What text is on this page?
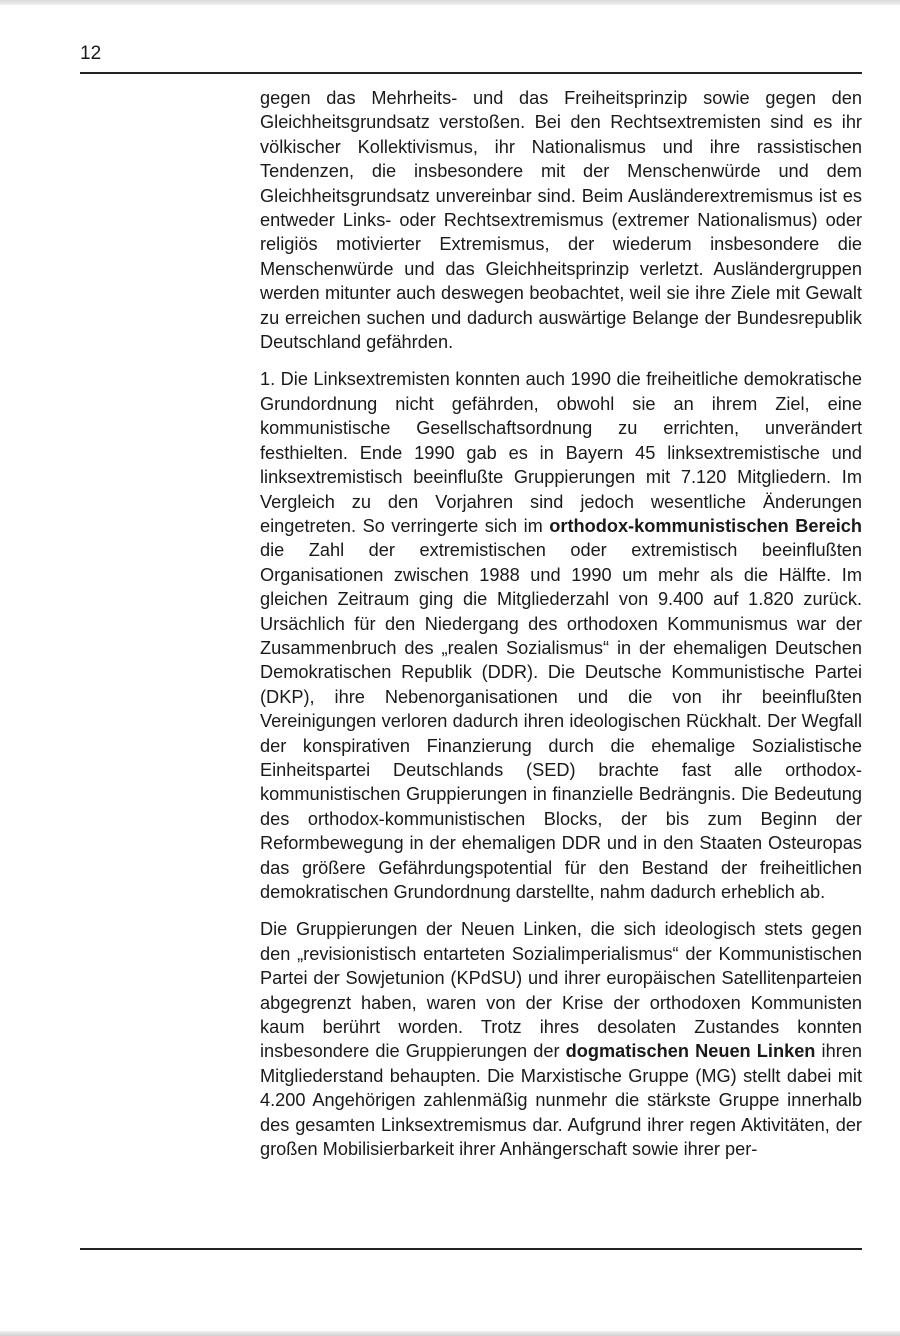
12

gegen das Mehrheits- und das Freiheitsprinzip sowie gegen den Gleichheitsgrundsatz verstoßen. Bei den Rechtsextremisten sind es ihr völkischer Kollektivismus, ihr Nationalismus und ihre rassistischen Tendenzen, die insbesondere mit der Menschenwürde und dem Gleichheitsgrundsatz unvereinbar sind. Beim Ausländerextremismus ist es entweder Links- oder Rechtsextremismus (extremer Nationalismus) oder religiös motivierter Extremismus, der wiederum insbesondere die Menschenwürde und das Gleichheitsprinzip verletzt. Ausländergruppen werden mitunter auch deswegen beobachtet, weil sie ihre Ziele mit Gewalt zu erreichen suchen und dadurch auswärtige Belange der Bundesrepublik Deutschland gefährden.

1. Die Linksextremisten konnten auch 1990 die freiheitliche demokratische Grundordnung nicht gefährden, obwohl sie an ihrem Ziel, eine kommunistische Gesellschaftsordnung zu errichten, unverändert festhielten. Ende 1990 gab es in Bayern 45 linksextremistische und linksextremistisch beeinflußte Gruppierungen mit 7.120 Mitgliedern. Im Vergleich zu den Vorjahren sind jedoch wesentliche Änderungen eingetreten. So verringerte sich im orthodox-kommunistischen Bereich die Zahl der extremistischen oder extremistisch beeinflußten Organisationen zwischen 1988 und 1990 um mehr als die Hälfte. Im gleichen Zeitraum ging die Mitgliederzahl von 9.400 auf 1.820 zurück. Ursächlich für den Niedergang des orthodoxen Kommunismus war der Zusammenbruch des „realen Sozialismus“ in der ehemaligen Deutschen Demokratischen Republik (DDR). Die Deutsche Kommunistische Partei (DKP), ihre Nebenorganisationen und die von ihr beeinflußten Vereinigungen verloren dadurch ihren ideologischen Rückhalt. Der Wegfall der konspirativen Finanzierung durch die ehemalige Sozialistische Einheitspartei Deutschlands (SED) brachte fast alle orthodox-kommunistischen Gruppierungen in finanzielle Bedrängnis. Die Bedeutung des orthodox-kommunistischen Blocks, der bis zum Beginn der Reformbewegung in der ehemaligen DDR und in den Staaten Osteuropas das größere Gefährdungspotential für den Bestand der freiheitlichen demokratischen Grundordnung darstellte, nahm dadurch erheblich ab.

Die Gruppierungen der Neuen Linken, die sich ideologisch stets gegen den „revisionistisch entarteten Sozialimperialismus“ der Kommunistischen Partei der Sowjetunion (KPdSU) und ihrer europäischen Satellitenparteien abgegrenzt haben, waren von der Krise der orthodoxen Kommunisten kaum berührt worden. Trotz ihres desolaten Zustandes konnten insbesondere die Gruppierungen der dogmatischen Neuen Linken ihren Mitgliederstand behaupten. Die Marxistische Gruppe (MG) stellt dabei mit 4.200 Angehörigen zahlenmäßig nunmehr die stärkste Gruppe innerhalb des gesamten Linksextremismus dar. Aufgrund ihrer regen Aktivitäten, der großen Mobilisierbarkeit ihrer Anhängerschaft sowie ihrer per-
